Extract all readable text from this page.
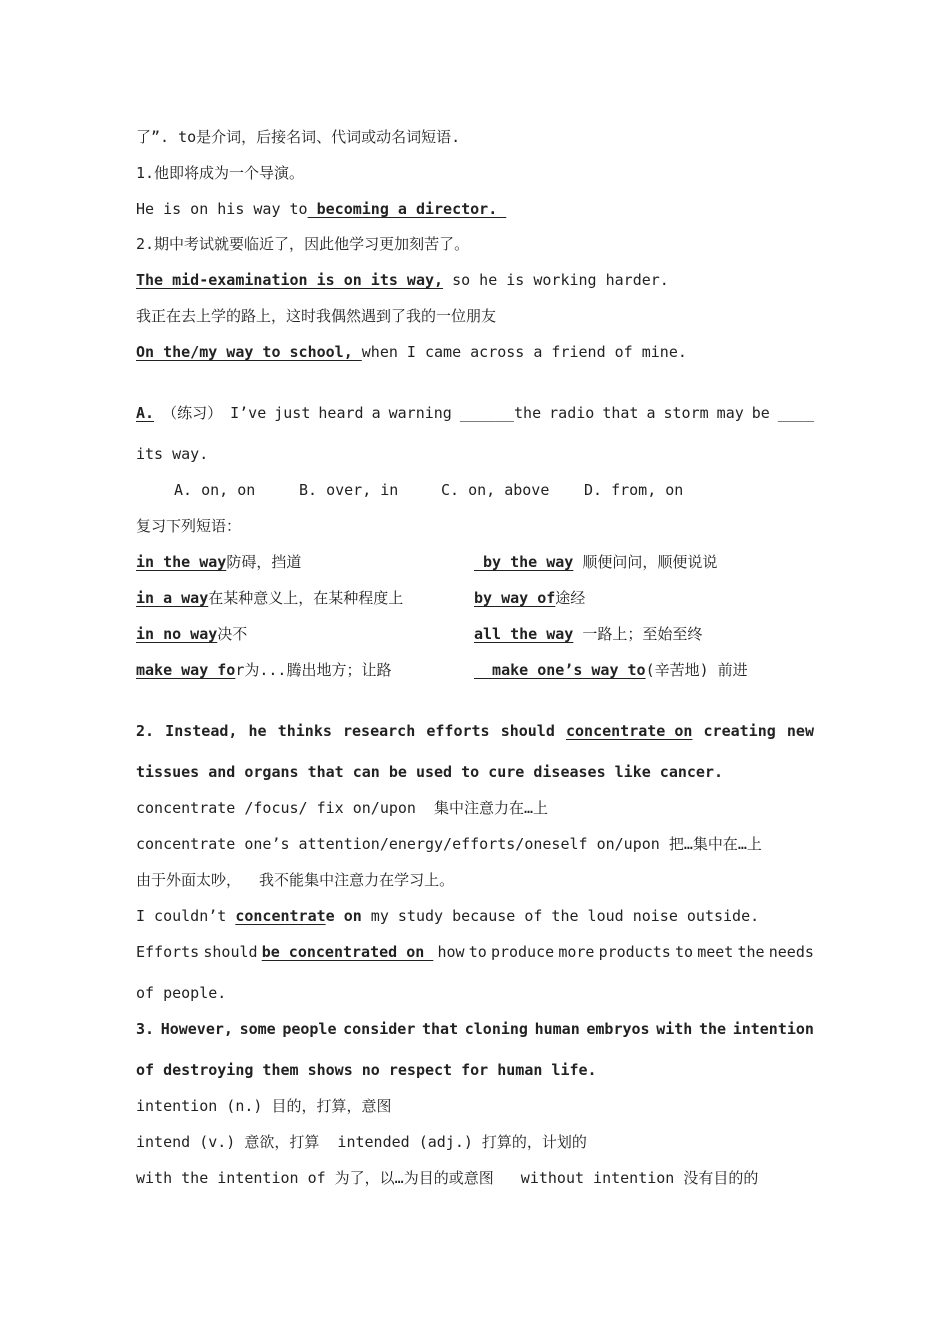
了”. to是介词，后接名词、代词或动名词短语.
1.他即将成为一个导演。
He is on his way to becoming a director.
2.期中考试就要临近了，因此他学习更加刻苦了。
The mid-examination is on its way, so he is working harder.
我正在去上学的路上，这时我偶然遇到了我的一位朋友
On the/my way to school, when I came across a friend of mine.
A. （练习） I’ve just heard a warning ______the radio that a storm may be ____
its way.
A. on, on	B. over, in	C. on, above D. from, on
复习下列短语：
in the way防碍，挡道	by the way 顺便问问，顺便说说
in a way在某种意义上，在某种程度上	by way of途经
in no way决不	all the way 一路上；至始至终
make way for为...腾出地方；让路	make one’s way to(辛苦地) 前进
2. Instead, he thinks research efforts should concentrate on creating new
tissues and organs that can be used to cure diseases like cancer.
concentrate /focus/ fix on/upon  集中注意力在…上
concentrate one’s attention/energy/efforts/oneself on/upon 把…集中在…上
由于外面太吵，  我不能集中注意力在学习上。
I couldn’t concentrate on my study because of the loud noise outside.
Efforts should be concentrated on how to produce more products to meet the needs
of people.
3. However, some people consider that cloning human embryos with the intention
of destroying them shows no respect for human life.
intention (n.) 目的，打算，意图
intend (v.) 意欲，打算  intended (adj.) 打算的，计划的
with the intention of 为了，以…为目的或意图   without intention 没有目的的
